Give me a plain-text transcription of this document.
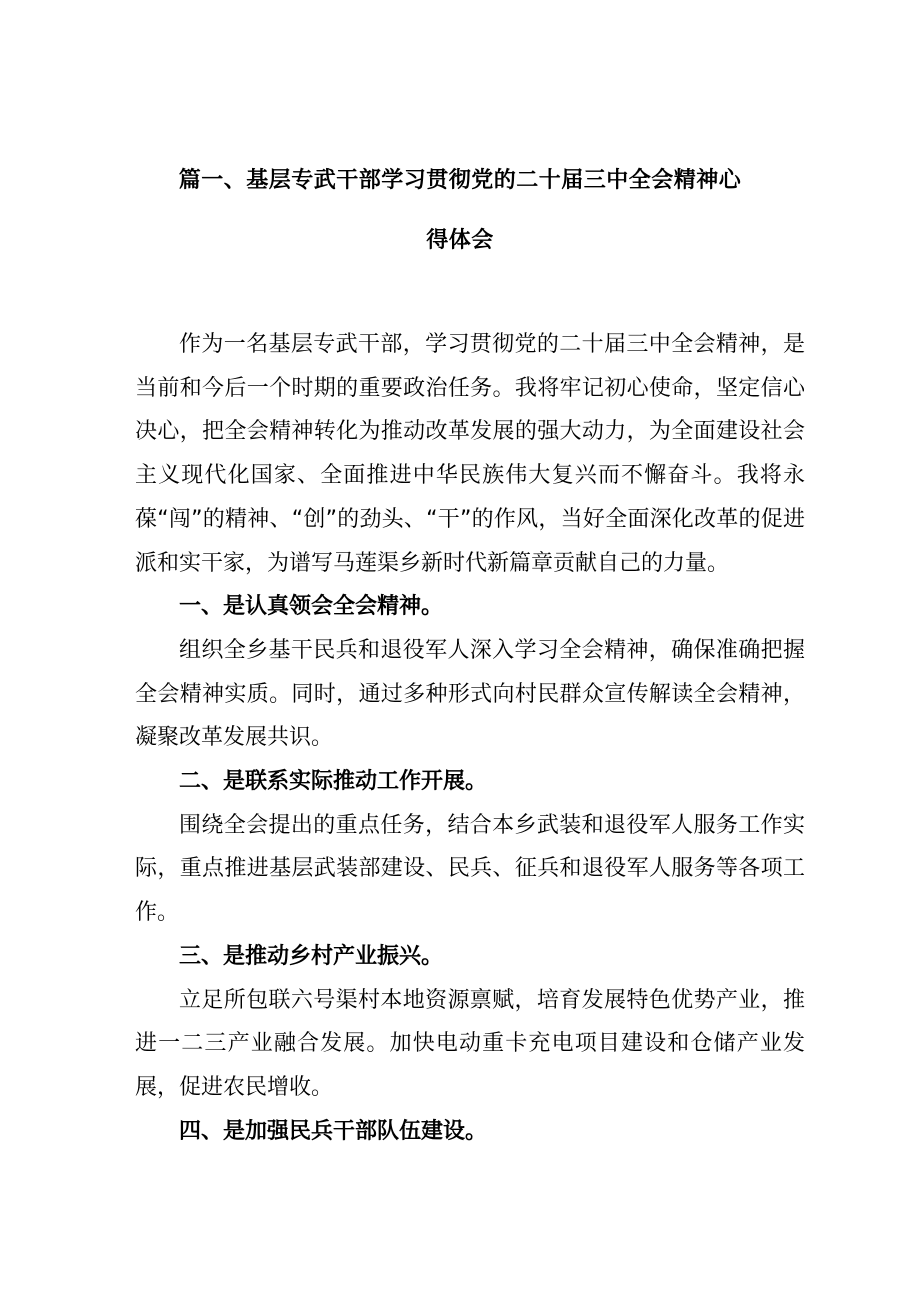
篇一、基层专武干部学习贯彻党的二十届三中全会精神心
得体会

作为一名基层专武干部，学习贯彻党的二十届三中全会精神，是当前和今后一个时期的重要政治任务。我将牢记初心使命，坚定信心决心，把全会精神转化为推动改革发展的强大动力，为全面建设社会主义现代化国家、全面推进中华民族伟大复兴而不懈奋斗。我将永葆“闯”的精神、“创”的劲头、“干”的作风，当好全面深化改革的促进派和实干家，为谱写马莲渠乡新时代新篇章贡献自己的力量。

一、是认真领会全会精神。

组织全乡基干民兵和退役军人深入学习全会精神，确保准确把握全会精神实质。同时，通过多种形式向村民群众宣传解读全会精神，凝聚改革发展共识。

二、是联系实际推动工作开展。

围绕全会提出的重点任务，结合本乡武装和退役军人服务工作实际，重点推进基层武装部建设、民兵、征兵和退役军人服务等各项工作。

三、是推动乡村产业振兴。

立足所包联六号渠村本地资源禀赋，培育发展特色优势产业，推进一二三产业融合发展。加快电动重卡充电项目建设和仓储产业发展，促进农民增收。

四、是加强民兵干部队伍建设。
